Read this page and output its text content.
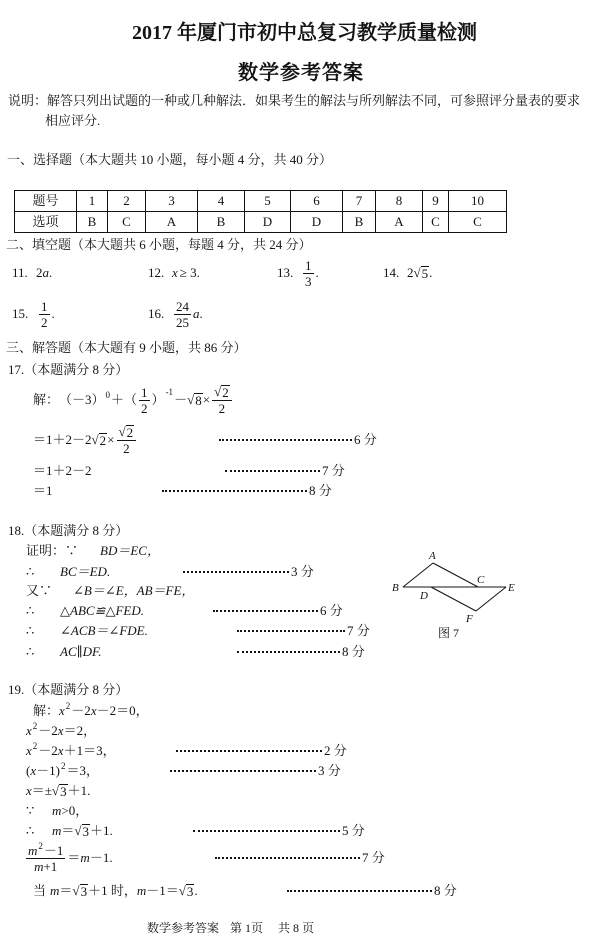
2017 年厦门市初中总复习教学质量检测
数学参考答案
说明：解答只列出试题的一种或几种解法．如果考生的解法与所列解法不同，可参照评分量表的要求
相应评分.
一、选择题（本大题共 10 小题，每小题 4 分，共 40 分）
题号	1	2	3	4	5	6	7	8	9	10
选项	B	C	A	B	D	D	B	A	C	C
二、填空题（本大题共 6 小题，每题 4 分，共 24 分）
11. 2 a .	12. x ≥ 3.	13. $\frac{1}{3}$ .	14. 2 √ 5 .
15. $\frac{1}{2}$ .	16. $\frac{24}{25}$ a .
三、解答题（本大题有 9 小题，共 86 分）
17.（本题满分 8 分）
解： （－3） 0 ＋（ $\frac{1}{2}$ ）
-1
－ √ $8 \times \frac{√ 2}{2}$
＝1＋2－2 √ $2 \times \frac{√ 2}{2}$	6 分
＝1＋2－2	7 分
＝1	8 分
18.（本题满分 8 分）
证明：∵	BD＝EC，
∴	BC＝ED.	3 分
又∵	∠B＝∠E，AB＝FE，
∴	△ABC≌△FED.	6 分
∴	∠ACB＝∠FDE.	7 分
∴	AC∥DF.	8 分
A
B
C
D
E
F
图 7
19.（本题满分 8 分）
解： x 2 －2 x －2＝0，
x 2 －2 x ＝2，
x 2 －2 x ＋1＝3，	2 分
( x －1) 2 ＝3，	3 分
x ＝± √ 3 ＋1.
∵	m >0，
∴	m ＝ √ 3 ＋1.	5 分
$\frac{m 2 -1}{m +1} = m -1$.	7 分
当 m ＝ √ 3 ＋1 时， m －1＝ √ 3 .	8 分
数学参考答案 第 1页 共 8 页
